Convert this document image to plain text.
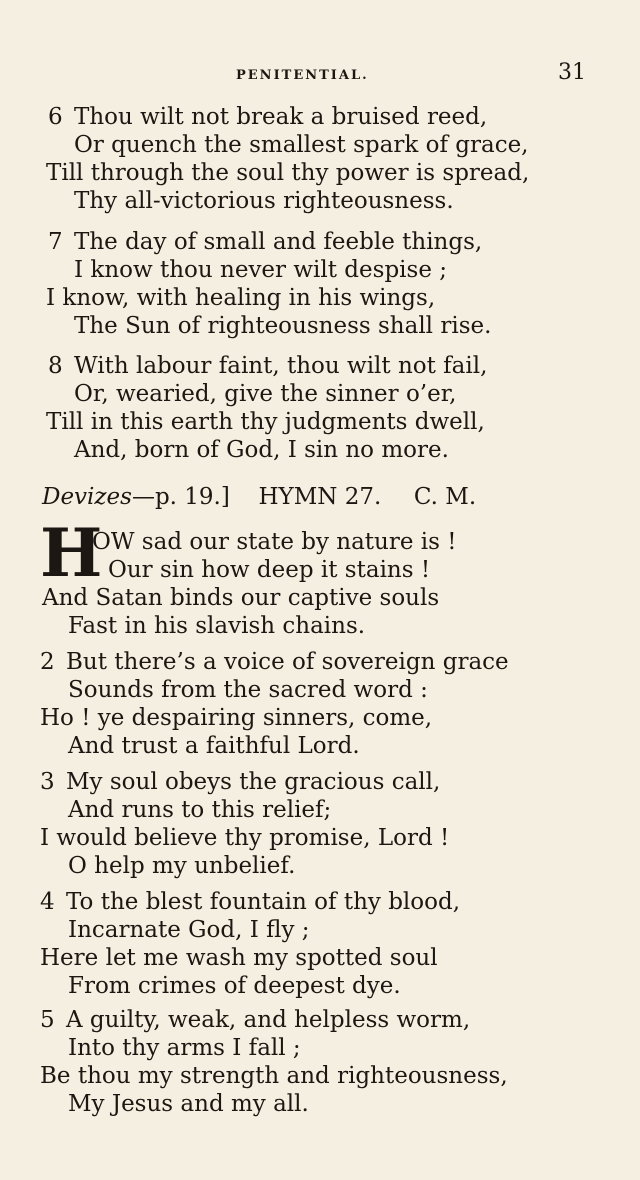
PENITENTIAL.	31
6 Thou wilt not break a bruised reed,
Or quench the smallest spark of grace,
Till through the soul thy power is spread,
Thy all-victorious righteousness.
7 The day of small and feeble things,
I know thou never wilt despise ;
I know, with healing in his wings,
The Sun of righteousness shall rise.
8 With labour faint, thou wilt not fail,
Or, wearied, give the sinner o’er,
Till in this earth thy judgments dwell,
And, born of God, I sin no more.
Devizes—p. 19.] HYMN 27. C. M.
H
OW sad our state by nature is !
Our sin how deep it stains !
And Satan binds our captive souls
Fast in his slavish chains.
2 But there’s a voice of sovereign grace
Sounds from the sacred word :
Ho ! ye despairing sinners, come,
And trust a faithful Lord.
3 My soul obeys the gracious call,
And runs to this relief;
I would believe thy promise, Lord !
O help my unbelief.
4 To the blest fountain of thy blood,
Incarnate God, I fly ;
Here let me wash my spotted soul
From crimes of deepest dye.
5 A guilty, weak, and helpless worm,
Into thy arms I fall ;
Be thou my strength and righteousness,
My Jesus and my all.
